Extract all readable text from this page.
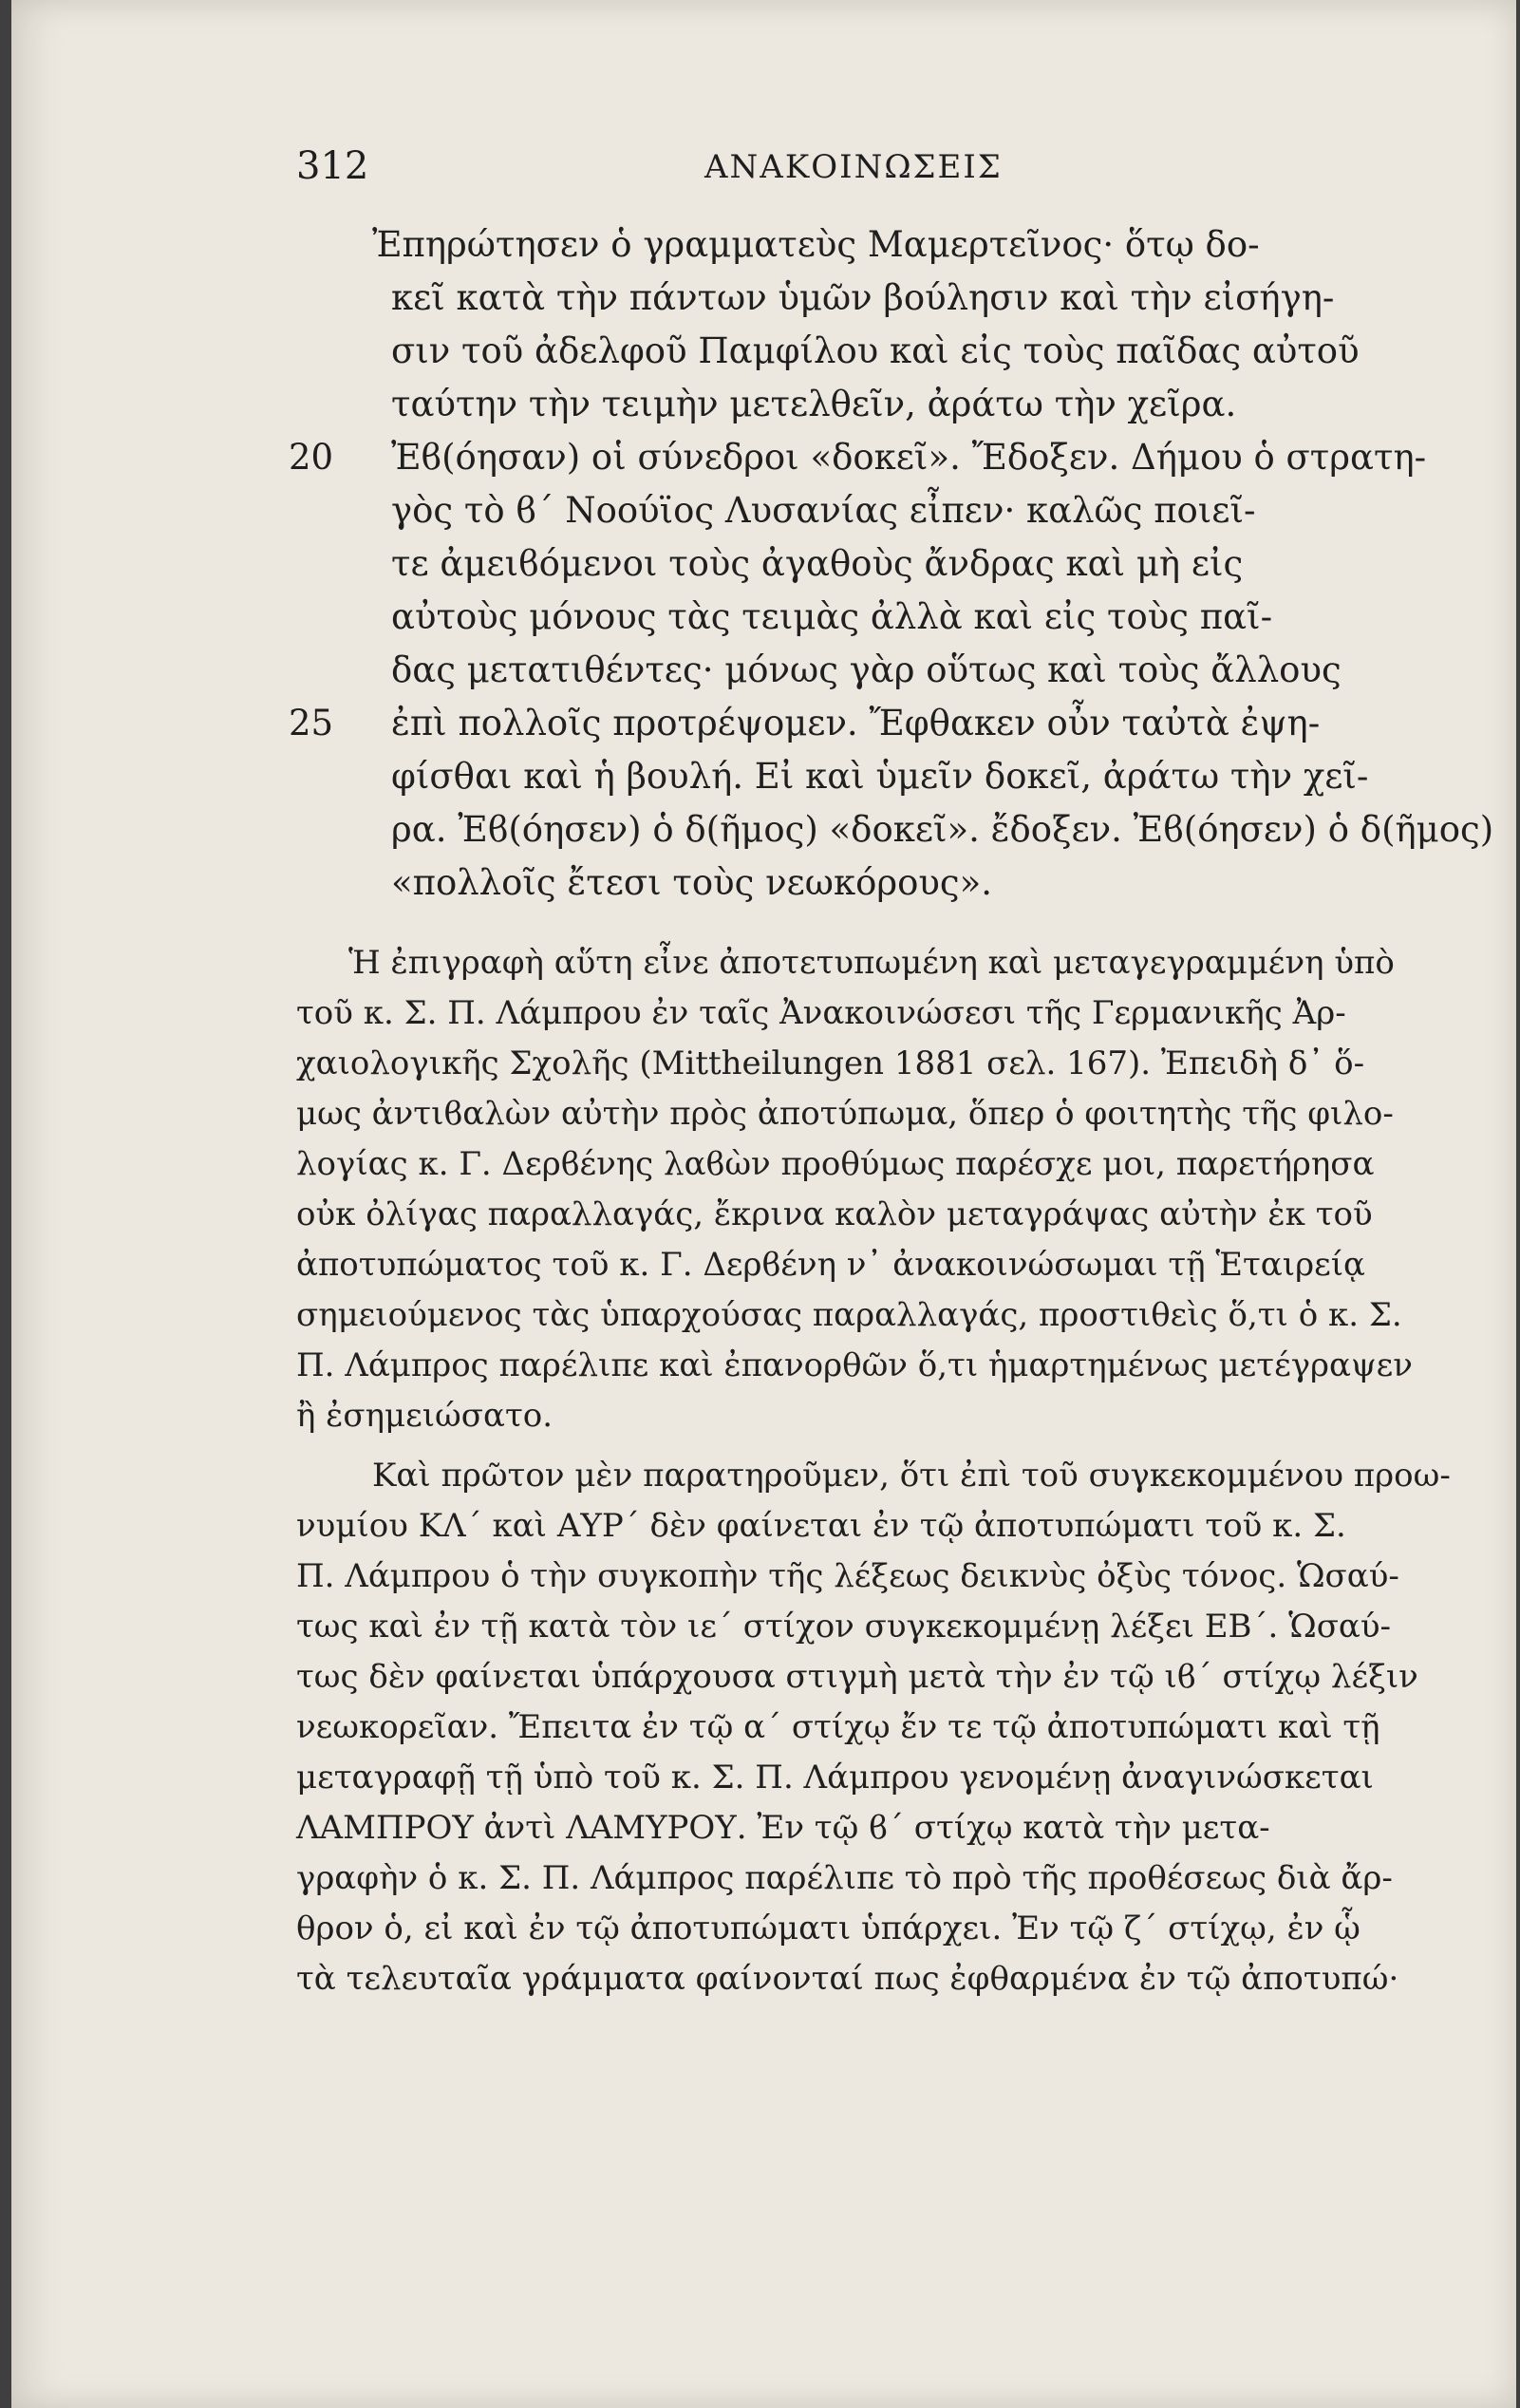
312	ΑΝΑΚΟΙΝΩΣΕΙΣ
Ἐπηρώτησεν ὁ γραμματεὺς Μαμερτεῖνος· ὅτῳ δο-
κεῖ κατὰ τὴν πάντων ὑμῶν βούλησιν καὶ τὴν εἰσήγη-
σιν τοῦ ἀδελφοῦ Παμφίλου καὶ εἰς τοὺς παῖδας αὐτοῦ
ταύτην τὴν τειμὴν μετελθεῖν, ἀράτω τὴν χεῖρα.
20 Ἐϐ(όησαν) οἱ σύνεδροι «δοκεῖ». Ἔδοξεν. Δήμου ὁ στρατη-
γὸς τὸ ϐ΄ Νοούϊος Λυσανίας εἶπεν· καλῶς ποιεῖ-
τε ἀμειϐόμενοι τοὺς ἀγαθοὺς ἄνδρας καὶ μὴ εἰς
αὐτοὺς μόνους τὰς τειμὰς ἀλλὰ καὶ εἰς τοὺς παῖ-
δας μετατιθέντες· μόνως γὰρ οὕτως καὶ τοὺς ἄλλους
25 ἐπὶ πολλοῖς προτρέψομεν. Ἔφθακεν οὖν ταὐτὰ ἐψη-
φίσθαι καὶ ἡ βουλή. Εἰ καὶ ὑμεῖν δοκεῖ, ἀράτω τὴν χεῖ-
ρα. Ἐϐ(όησεν) ὁ δ(ῆμος) «δοκεῖ». ἔδοξεν. Ἐϐ(όησεν) ὁ δ(ῆμος)
«πολλοῖς ἔτεσι τοὺς νεωκόρους».
Ἡ ἐπιγραφὴ αὕτη εἶνε ἀποτετυπωμένη καὶ μεταγεγραμμένη ὑπὸ
τοῦ κ. Σ. Π. Λάμπρου ἐν ταῖς Ἀνακοινώσεσι τῆς Γερμανικῆς Ἀρ-
χαιολογικῆς Σχολῆς (Mittheilungen 1881 σελ. 167). Ἐπειδὴ δ᾽ ὅ-
μως ἀντιϐαλὼν αὐτὴν πρὸς ἀποτύπωμα, ὅπερ ὁ φοιτητὴς τῆς φιλο-
λογίας κ. Γ. Δερϐένης λαϐὼν προθύμως παρέσχε μοι, παρετήρησα
οὐκ ὀλίγας παραλλαγάς, ἔκρινα καλὸν μεταγράψας αὐτὴν ἐκ τοῦ
ἀποτυπώματος τοῦ κ. Γ. Δερϐένη ν᾽ ἀνακοινώσωμαι τῇ Ἑταιρείᾳ
σημειούμενος τὰς ὑπαρχούσας παραλλαγάς, προστιθεὶς ὅ,τι ὁ κ. Σ.
Π. Λάμπρος παρέλιπε καὶ ἐπανορθῶν ὅ,τι ἡμαρτημένως μετέγραψεν
ἢ ἐσημειώσατο.
Καὶ πρῶτον μὲν παρατηροῦμεν, ὅτι ἐπὶ τοῦ συγκεκομμένου προω-
νυμίου ΚΛ΄ καὶ ΑΥΡ΄ δὲν φαίνεται ἐν τῷ ἀποτυπώματι τοῦ κ. Σ.
Π. Λάμπρου ὁ τὴν συγκοπὴν τῆς λέξεως δεικνὺς ὀξὺς τόνος. Ὡσαύ-
τως καὶ ἐν τῇ κατὰ τὸν ιε΄ στίχον συγκεκομμένῃ λέξει ΕΒ΄. Ὡσαύ-
τως δὲν φαίνεται ὑπάρχουσα στιγμὴ μετὰ τὴν ἐν τῷ ιϐ΄ στίχῳ λέξιν
νεωκορεῖαν. Ἔπειτα ἐν τῷ α΄ στίχῳ ἔν τε τῷ ἀποτυπώματι καὶ τῇ
μεταγραφῇ τῇ ὑπὸ τοῦ κ. Σ. Π. Λάμπρου γενομένῃ ἀναγινώσκεται
ΛΑΜΠΡΟΥ ἀντὶ ΛΑΜΥΡΟΥ. Ἐν τῷ ϐ΄ στίχῳ κατὰ τὴν μετα-
γραφὴν ὁ κ. Σ. Π. Λάμπρος παρέλιπε τὸ πρὸ τῆς προθέσεως διὰ ἄρ-
θρον ὁ, εἰ καὶ ἐν τῷ ἀποτυπώματι ὑπάρχει. Ἐν τῷ ζ΄ στίχῳ, ἐν ᾧ
τὰ τελευταῖα γράμματα φαίνονταί πως ἐφθαρμένα ἐν τῷ ἀποτυπώ·
